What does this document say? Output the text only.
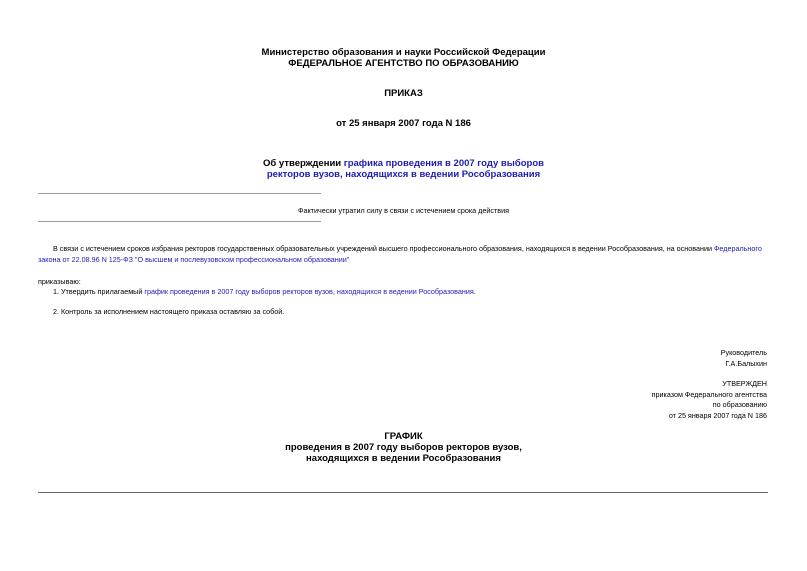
Министерство образования и науки Российской Федерации
ФЕДЕРАЛЬНОЕ АГЕНТСТВО ПО ОБРАЗОВАНИЮ
ПРИКАЗ
от 25 января 2007 года N 186
Об утверждении графика проведения в 2007 году выборов
ректоров вузов, находящихся в ведении Рособразования
Фактически утратил силу в связи с истечением срока действия
В связи с истечением сроков избрания ректоров государственных образовательных учреждений высшего профессионального образования, находящихся в ведении Рособразования, на основании Федерального закона от 22.08.96 N 125-ФЗ "О высшем и послевузовском профессиональном образовании"
приказываю:
1. Утвердить прилагаемый график проведения в 2007 году выборов ректоров вузов, находящихся в ведении Рособразования.
2. Контроль за исполнением настоящего приказа оставляю за собой.
Руководитель
Г.А.Балыхин
УТВЕРЖДЕН
приказом Федерального агентства
по образованию
от 25 января 2007 года N 186
ГРАФИК
проведения в 2007 году выборов ректоров вузов,
находящихся в ведении Рособразования
